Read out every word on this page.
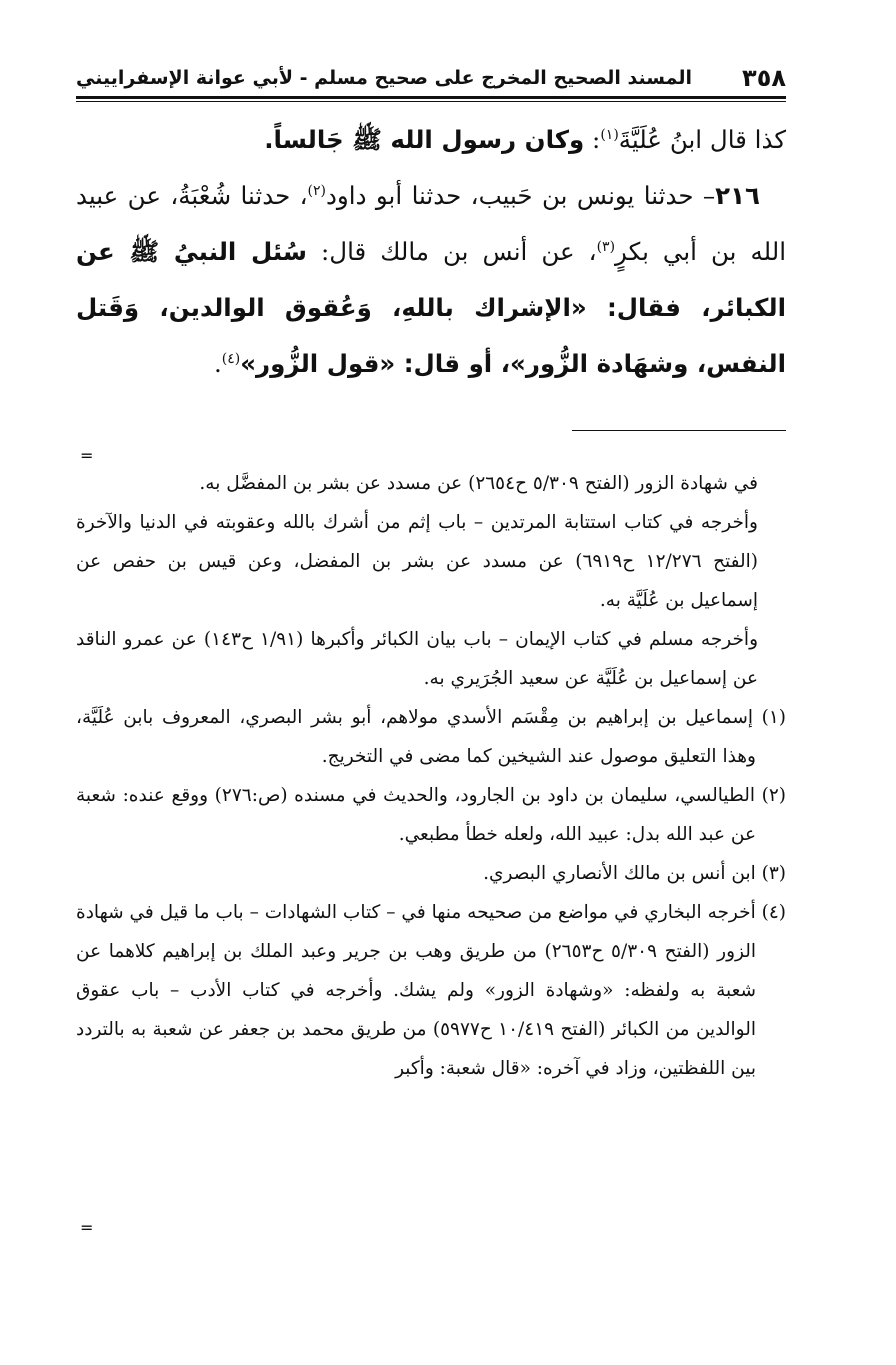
٣٥٨
المسند الصحيح المخرج على صحيح مسلم - لأبي عوانة الإسفراييني

كذا قال ابنُ عُلَيَّةَ$^{(١)}$: وكان رسول الله ﷺ جَالساً.

٢١٦– حدثنا يونس بن حَبيب، حدثنا أبو داود$^{(٢)}$، حدثنا شُعْبَةُ، عن عبيد الله بن أبي بكرٍ$^{(٣)}$، عن أنس بن مالك قال: سُئل النبيُ ﷺ عن الكبائر، فقال: «الإشراك باللهِ، وَعُقوق الوالدين، وَقَتل النفس، وشهَادة الزُّور»، أو قال: «قول الزُّور»$^{(٤)}$.

=

في شهادة الزور (الفتح ٥/٣٠٩ ح٢٦٥٤) عن مسدد عن بشر بن المفضَّل به.

وأخرجه في كتاب استتابة المرتدين – باب إثم من أشرك بالله وعقوبته في الدنيا والآخرة (الفتح ١٢/٢٧٦ ح٦٩١٩) عن مسدد عن بشر بن المفضل، وعن قيس بن حفص عن إسماعيل بن عُلَيَّة به.

وأخرجه مسلم في كتاب الإيمان – باب بيان الكبائر وأكبرها (١/٩١ ح١٤٣) عن عمرو الناقد عن إسماعيل بن عُلَيَّة عن سعيد الجُرَيري به.

(١) إسماعيل بن إبراهيم بن مِقْسَم الأسدي مولاهم، أبو بشر البصري، المعروف بابن عُلَيَّة، وهذا التعليق موصول عند الشيخين كما مضى في التخريج.

(٢) الطيالسي، سليمان بن داود بن الجارود، والحديث في مسنده (ص:٢٧٦) ووقع عنده: شعبة عن عبد الله بدل: عبيد الله، ولعله خطأ مطبعي.

(٣) ابن أنس بن مالك الأنصاري البصري.

(٤) أخرجه البخاري في مواضع من صحيحه منها في – كتاب الشهادات – باب ما قيل في شهادة الزور (الفتح ٥/٣٠٩ ح٢٦٥٣) من طريق وهب بن جرير وعبد الملك بن إبراهيم كلاهما عن شعبة به ولفظه: «وشهادة الزور» ولم يشك. وأخرجه في كتاب الأدب – باب عقوق الوالدين من الكبائر (الفتح ١٠/٤١٩ ح٥٩٧٧) من طريق محمد بن جعفر عن شعبة به بالتردد بين اللفظتين، وزاد في آخره: «قال شعبة: وأكبر

=
